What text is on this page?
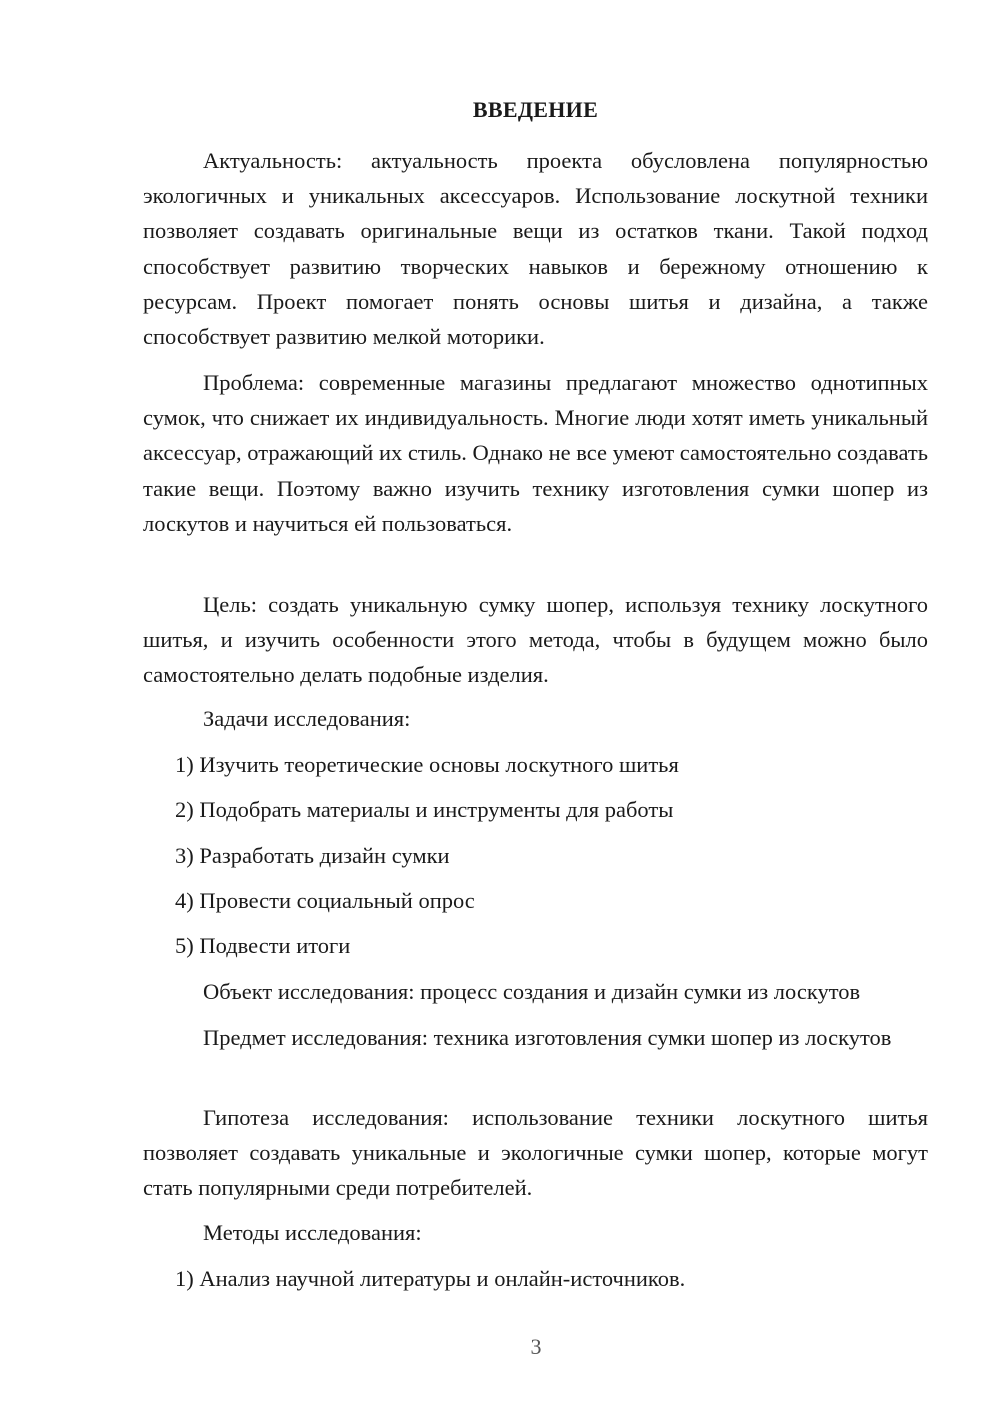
ВВЕДЕНИЕ

Актуальность: актуальность проекта обусловлена популярностью экологичных и уникальных аксессуаров. Использование лоскутной техники позволяет создавать оригинальные вещи из остатков ткани. Такой подход способствует развитию творческих навыков и бережному отношению к ресурсам. Проект помогает понять основы шитья и дизайна, а также способствует развитию мелкой моторики.

Проблема: современные магазины предлагают множество однотипных сумок, что снижает их индивидуальность. Многие люди хотят иметь уникальный аксессуар, отражающий их стиль. Однако не все умеют самостоятельно создавать такие вещи. Поэтому важно изучить технику изготовления сумки шопер из лоскутов и научиться ей пользоваться.

Цель: создать уникальную сумку шопер, используя технику лоскутного шитья, и изучить особенности этого метода, чтобы в будущем можно было самостоятельно делать подобные изделия.

Задачи исследования:
1) Изучить теоретические основы лоскутного шитья
2) Подобрать материалы и инструменты для работы
3) Разработать дизайн сумки
4) Провести социальный опрос
5) Подвести итоги
Объект исследования: процесс создания и дизайн сумки из лоскутов

Предмет исследования: техника изготовления сумки шопер из лоскутов

Гипотеза исследования: использование техники лоскутного шитья позволяет создавать уникальные и экологичные сумки шопер, которые могут стать популярными среди потребителей.

Методы исследования:
1) Анализ научной литературы и онлайн-источников.
3
